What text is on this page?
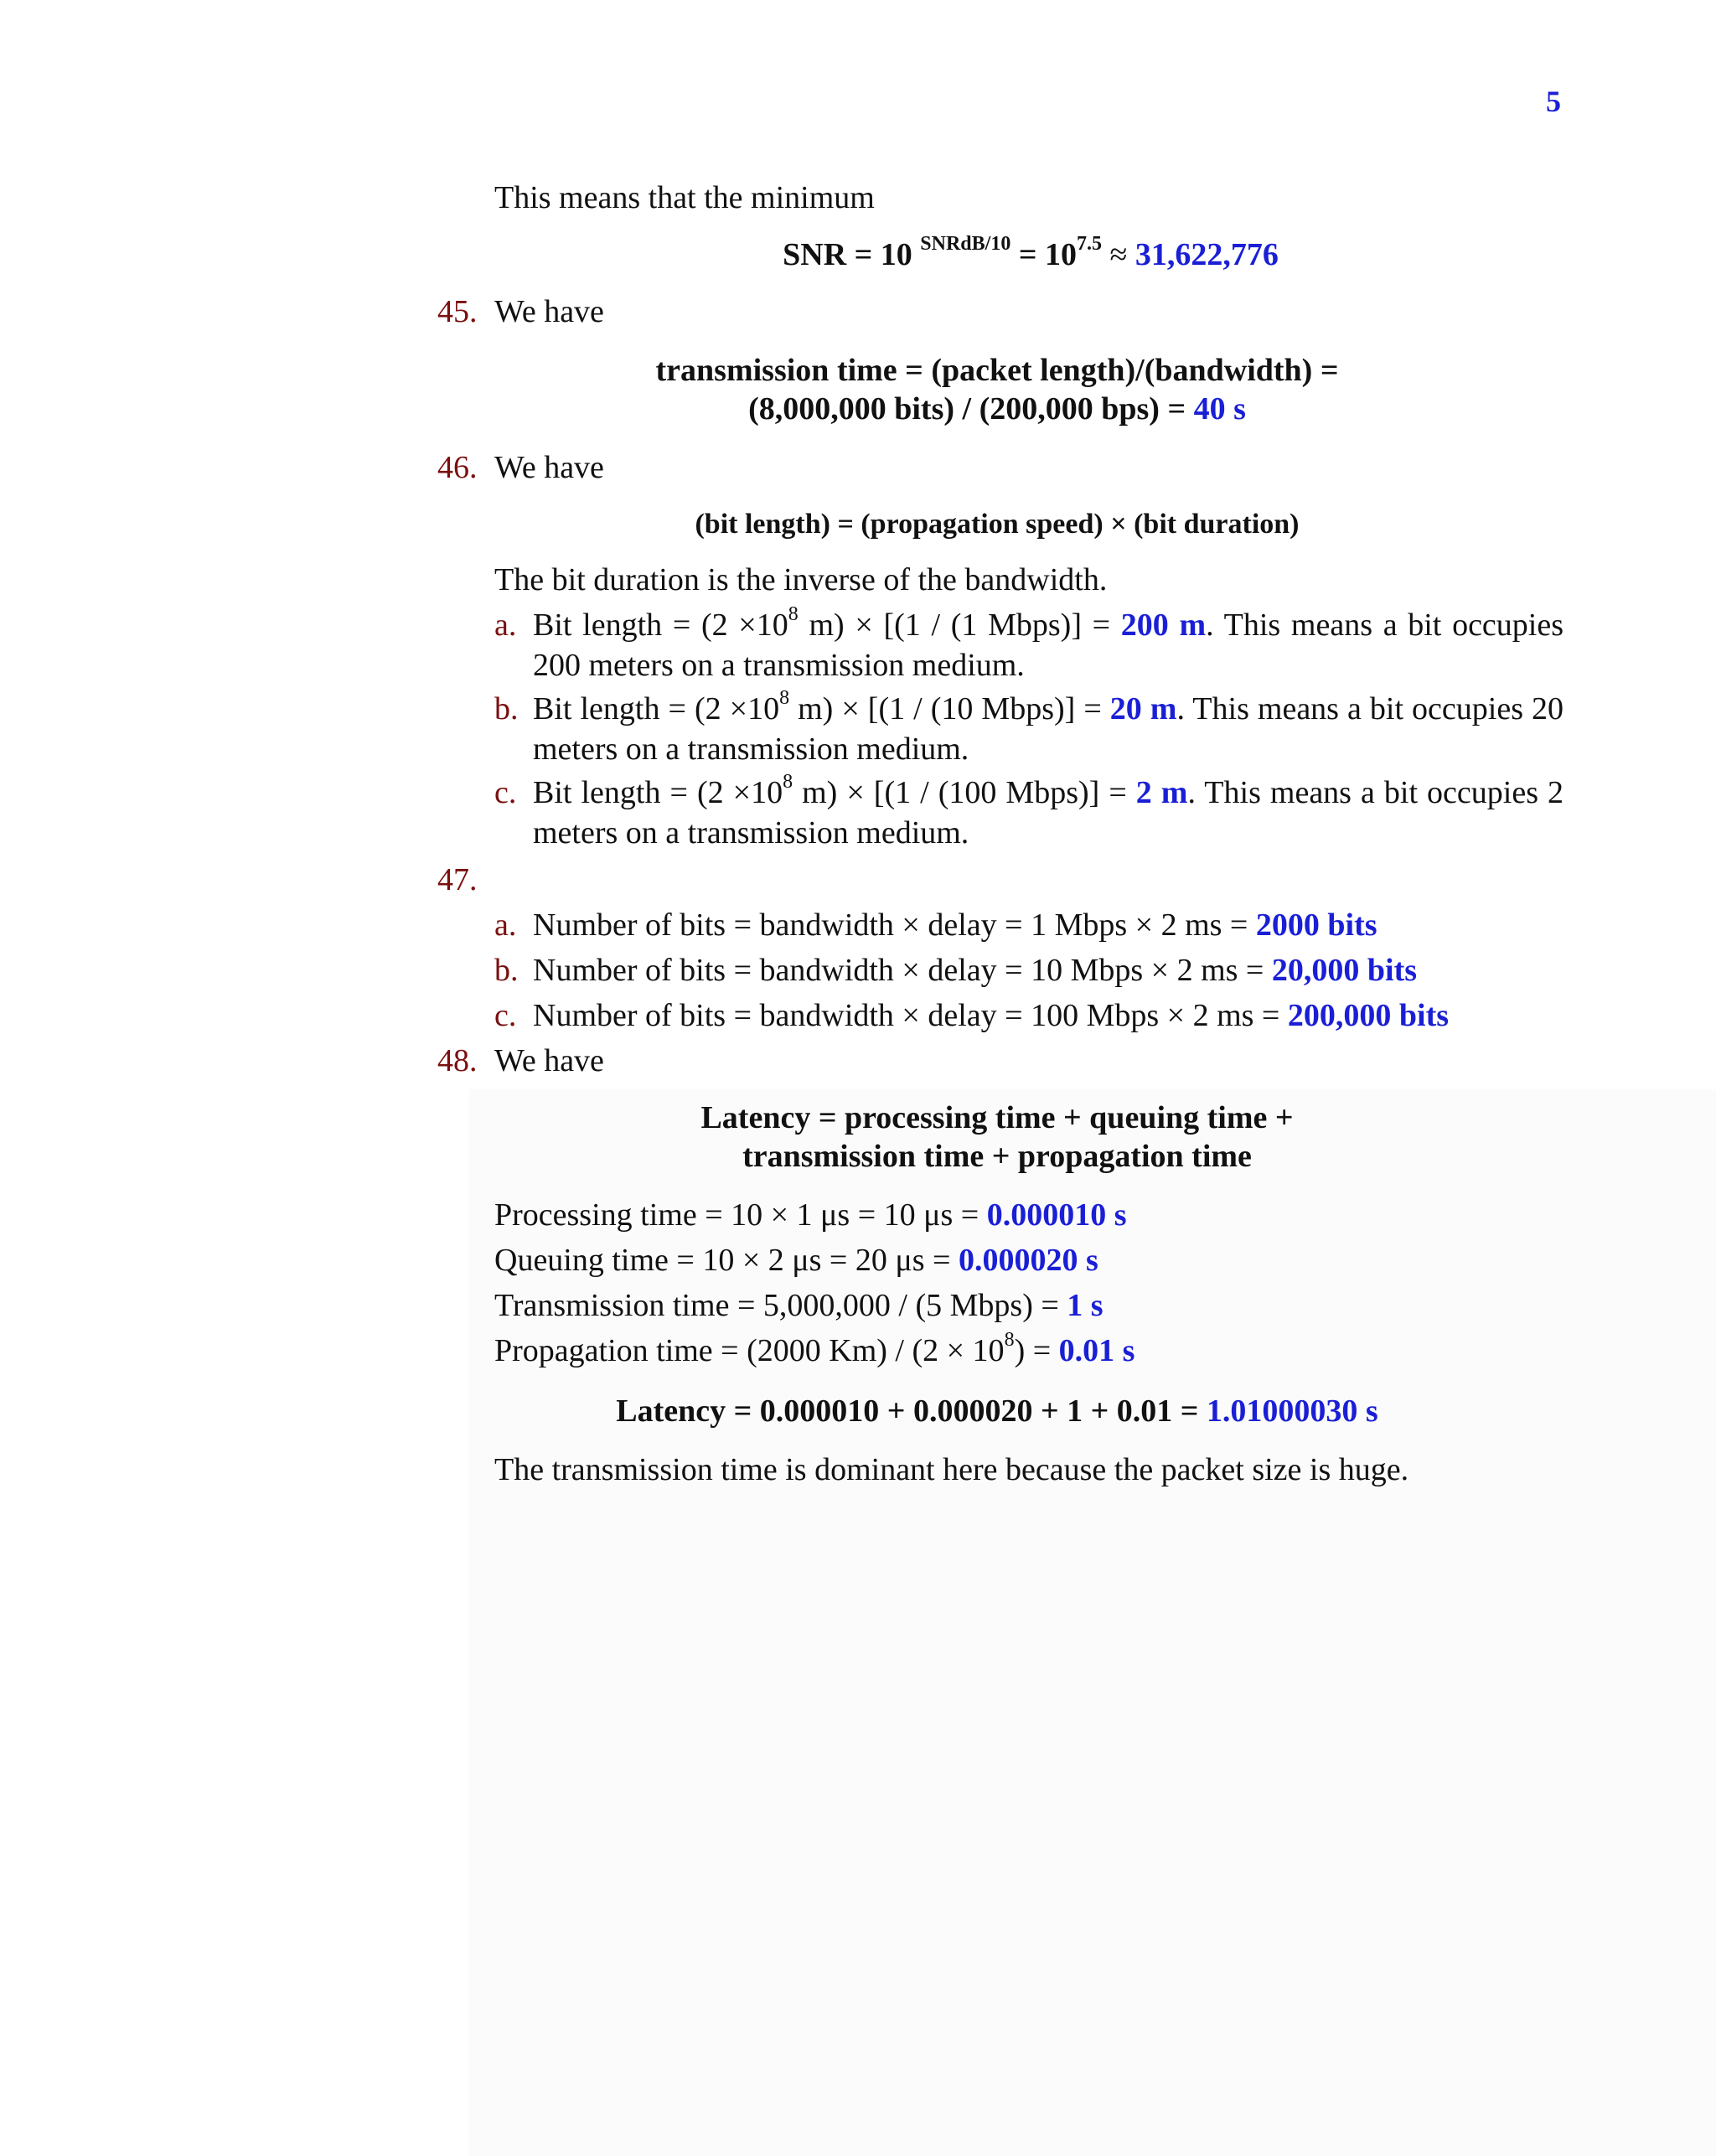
5
This means that the minimum
SNR = 10 $^{SNRdB/10} = 10^{7.5} \approx 31,622,776$
45. We have
transmission time = (packet length)/(bandwidth) =
(8,000,000 bits) / (200,000 bps) = 40 s
46. We have
(bit length) = (propagation speed) × (bit duration)
The bit duration is the inverse of the bandwidth.
a. Bit length = ($2 \times 10^8$ m) × [(1 / (1 Mbps)] = 200 m. This means a bit occupies 200 meters on a transmission medium.
b. Bit length = ($2 \times 10^8$ m) × [(1 / (10 Mbps)] = 20 m. This means a bit occupies 20 meters on a transmission medium.
c. Bit length = ($2 \times 10^8$ m) × [(1 / (100 Mbps)] = 2 m. This means a bit occupies 2 meters on a transmission medium.
47.
a. Number of bits = bandwidth × delay = 1 Mbps × 2 ms = 2000 bits
b. Number of bits = bandwidth × delay = 10 Mbps × 2 ms = 20,000 bits
c. Number of bits = bandwidth × delay = 100 Mbps × 2 ms = 200,000 bits
48. We have
Latency = processing time + queuing time +
transmission time + propagation time
Processing time = 10 × 1 μs = 10 μs = 0.000010 s
Queuing time = 10 × 2 μs = 20 μs = 0.000020 s
Transmission time = 5,000,000 / (5 Mbps) = 1 s
Propagation time = (2000 $Km) / (2 \times 10^8) = 0.01$ s
Latency = 0.000010 + 0.000020 + 1 + 0.01 = 1.01000030 s
The transmission time is dominant here because the packet size is huge.
